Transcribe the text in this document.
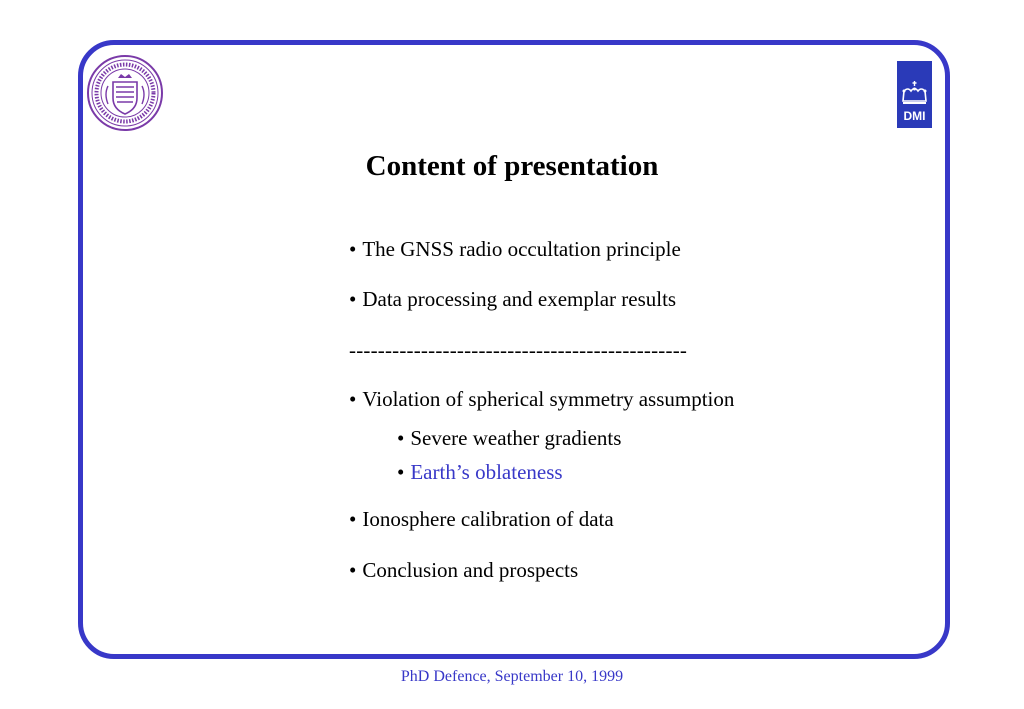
DMI
Content of presentation
• The GNSS radio occultation principle
• Data processing and exemplar results
-----------------------------------------------
• Violation of spherical symmetry assumption
• Severe weather gradients
• Earth’s oblateness
• Ionosphere calibration of data
• Conclusion and prospects
PhD Defence, September 10, 1999
